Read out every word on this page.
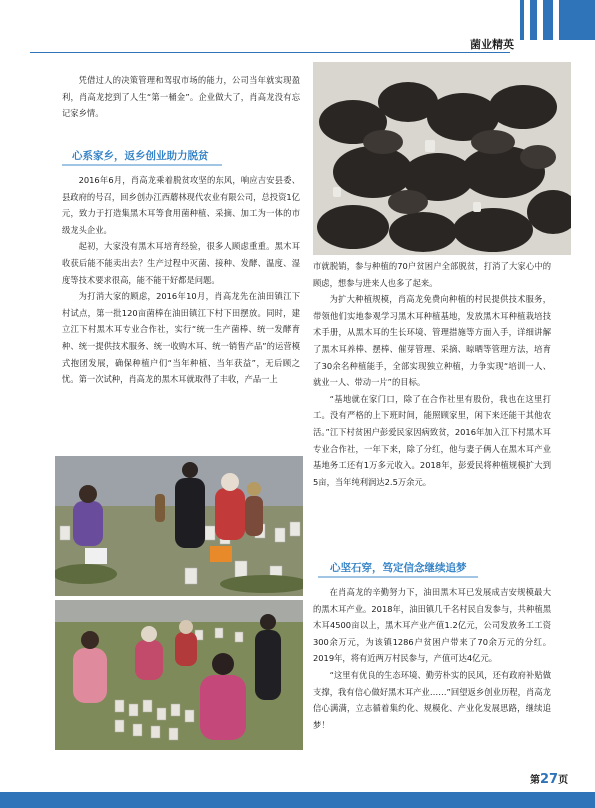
菌业精英

凭借过人的决策管理和驾驭市场的能力，公司当年就实现盈利，肖高龙挖到了人生“第一桶金”。企业做大了，肖高龙没有忘记家乡情。

心系家乡，返乡创业助力脱贫

2016年6月，肖高龙乘着脱贫攻坚的东风，响应吉安县委、县政府的号召，回乡创办江西蘑林现代农业有限公司，总投资1亿元，致力于打造集黑木耳等食用菌种植、采摘、加工为一体的市级龙头企业。

起初，大家没有黑木耳培育经验，很多人顾虑重重。黑木耳收获后能不能卖出去？生产过程中灭菌、接种、发酵、温度、湿度等技术要求很高，能不能干好都是问题。

为打消大家的顾虑，2016年10月，肖高龙先在油田镇江下村试点，第一批120亩菌棒在油田镇江下村下田摆放。同时，建立江下村黑木耳专业合作社，实行“统一生产菌棒、统一发酵育种、统一提供技术服务、统一收购木耳、统一销售产品”的运营模式抱团发展，确保种植户们“当年种植、当年获益”，无后顾之忧。第一次试种，肖高龙的黑木耳就取得了丰收，产品一上

市就脱销，参与种植的70户贫困户全部脱贫，打消了大家心中的顾虑，想参与进来人也多了起来。

为扩大种植规模，肖高龙免费向种植的村民提供技术服务，带领他们实地参观学习黑木耳种植基地，发放黑木耳种植栽培技术手册，从黑木耳的生长环境、管理措施等方面入手，详细讲解了黑木耳养棒、摆棒、催芽管理、采摘、晾晒等管理方法，培育了30余名种植能手，全部实现独立种植，力争实现“培训一人、就业一人、带动一片”的目标。

“基地就在家门口，除了在合作社里有股份，我也在这里打工。没有严格的上下班时间，能照顾家里，闲下来还能干其他农活。”江下村贫困户彭爱民家因病致贫，2016年加入江下村黑木耳专业合作社，一年下来，除了分红，他与妻子俩人在黑木耳产业基地务工还有1万多元收入。2018年，彭爱民将种植规模扩大到5亩，当年纯利润达2.5万余元。

心坚石穿，笃定信念继续追梦

在肖高龙的辛勤努力下，油田黑木耳已发展成吉安规模最大的黑木耳产业。2018年，油田镇几千名村民自发参与，共种植黑木耳4500亩以上，黑木耳产业产值1.2亿元，公司发放务工工资300余万元，为该镇1286户贫困户带来了70余万元的分红。2019年，将有近两万村民参与，产值可达4亿元。

“这里有优良的生态环境、勤劳朴实的民风，还有政府补贴做支撑，我有信心做好黑木耳产业……”回望返乡创业历程，肖高龙信心满满，立志循着集约化、规模化、产业化发展思路，继续追梦！

第27页
